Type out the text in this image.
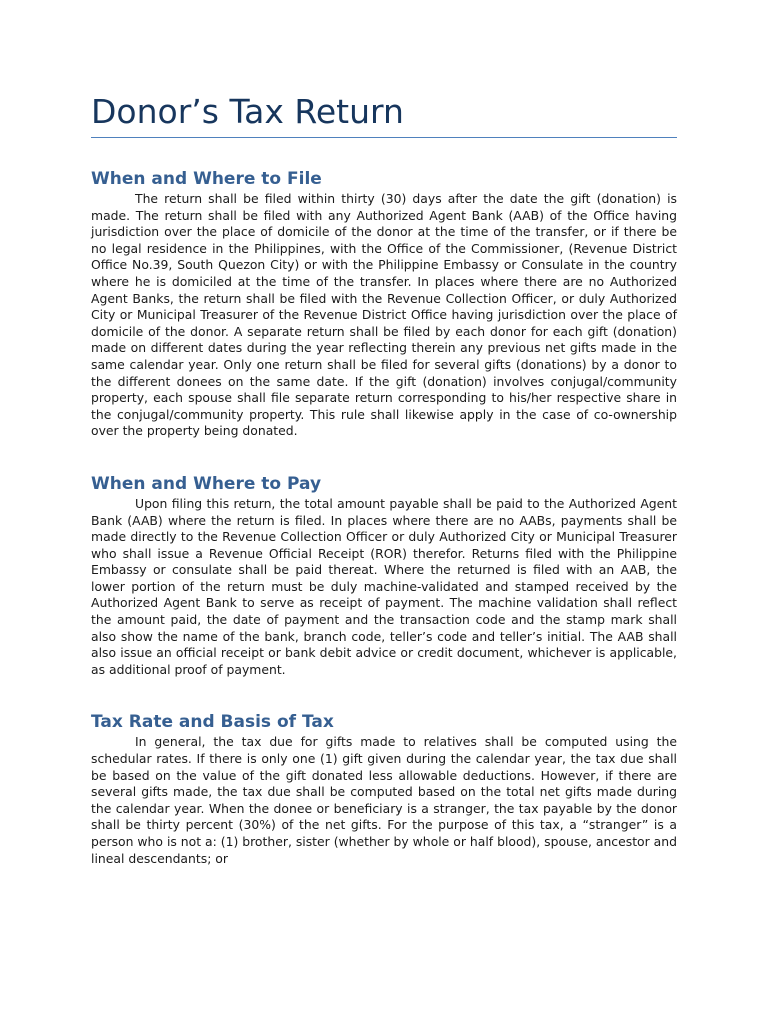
Donor’s Tax Return
When and Where to File

The return shall be filed within thirty (30) days after the date the gift (donation) is made. The return shall be filed with any Authorized Agent Bank (AAB) of the Office having jurisdiction over the place of domicile of the donor at the time of the transfer, or if there be no legal residence in the Philippines, with the Office of the Commissioner, (Revenue District Office No.39, South Quezon City) or with the Philippine Embassy or Consulate in the country where he is domiciled at the time of the transfer. In places where there are no Authorized Agent Banks, the return shall be filed with the Revenue Collection Officer, or duly Authorized City or Municipal Treasurer of the Revenue District Office having jurisdiction over the place of domicile of the donor. A separate return shall be filed by each donor for each gift (donation) made on different dates during the year reflecting therein any previous net gifts made in the same calendar year. Only one return shall be filed for several gifts (donations) by a donor to the different donees on the same date. If the gift (donation) involves conjugal/community property, each spouse shall file separate return corresponding to his/her respective share in the conjugal/community property. This rule shall likewise apply in the case of co-ownership over the property being donated.

When and Where to Pay

Upon filing this return, the total amount payable shall be paid to the Authorized Agent Bank (AAB) where the return is filed. In places where there are no AABs, payments shall be made directly to the Revenue Collection Officer or duly Authorized City or Municipal Treasurer who shall issue a Revenue Official Receipt (ROR) therefor. Returns filed with the Philippine Embassy or consulate shall be paid thereat. Where the returned is filed with an AAB, the lower portion of the return must be duly machine-validated and stamped received by the Authorized Agent Bank to serve as receipt of payment. The machine validation shall reflect the amount paid, the date of payment and the transaction code and the stamp mark shall also show the name of the bank, branch code, teller’s code and teller’s initial. The AAB shall also issue an official receipt or bank debit advice or credit document, whichever is applicable, as additional proof of payment.

Tax Rate and Basis of Tax

In general, the tax due for gifts made to relatives shall be computed using the schedular rates. If there is only one (1) gift given during the calendar year, the tax due shall be based on the value of the gift donated less allowable deductions. However, if there are several gifts made, the tax due shall be computed based on the total net gifts made during the calendar year. When the donee or beneficiary is a stranger, the tax payable by the donor shall be thirty percent (30%) of the net gifts. For the purpose of this tax, a “stranger” is a person who is not a: (1) brother, sister (whether by whole or half blood), spouse, ancestor and lineal descendants; or
